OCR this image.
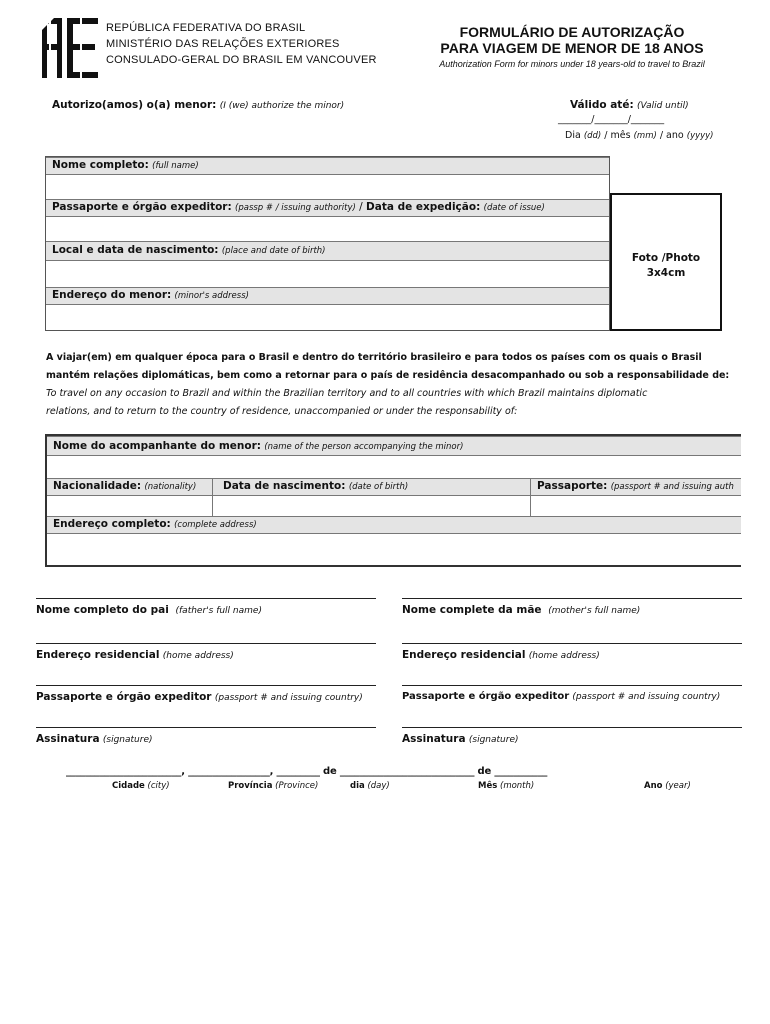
REPÚBLICA FEDERATIVA DO BRASIL
MINISTÉRIO DAS RELAÇÕES EXTERIORES
CONSULADO-GERAL DO BRASIL EM VANCOUVER
FORMULÁRIO DE AUTORIZAÇÃO
PARA VIAGEM DE MENOR DE 18 ANOS
Authorization Form for minors under 18 years-old to travel to Brazil
Autorizo(amos) o(a) menor: (I (we) authorize the minor)	Válido até: (Valid until)
_______/_______/_______
Dia (dd) / mês (mm) / ano (yyyy)
Nome completo: (full name)
Passaporte e órgão expeditor: (passp # / issuing authority) / Data de expedição: (date of issue)
Local e data de nascimento: (place and date of birth)
Endereço do menor: (minor's address)
Foto /Photo
3x4cm
A viajar(em) em qualquer época para o Brasil e dentro do território brasileiro e para todos os países com os quais o Brasil
mantém relações diplomáticas, bem como a retornar para o país de residência desacompanhado ou sob a responsabilidade de:
To travel on any occasion to Brazil and within the Brazilian territory and to all countries with which Brazil maintains diplomatic
relations, and to return to the country of residence, unaccompanied or under the responsability of:
Nome do acompanhante do menor: (name of the person accompanying the minor)
Nacionalidade: (nationality)	Data de nascimento: (date of birth)	Passaporte: (passport # and issuing auth
Endereço completo: (complete address)
Nome completo do pai (father's full name)
Endereço residencial (home address)
Passaporte e órgão expeditor (passport # and issuing country)
Assinatura (signature)
Nome complete da mãe (mother's full name)
Endereço residencial (home address)
Passaporte e órgão expeditor (passport # and issuing country)
Assinatura (signature)
________________________, _________________, _________ de ____________________________ de ___________
Cidade (city)	Província (Province)	dia (day)	Mês (month)	Ano (year)
